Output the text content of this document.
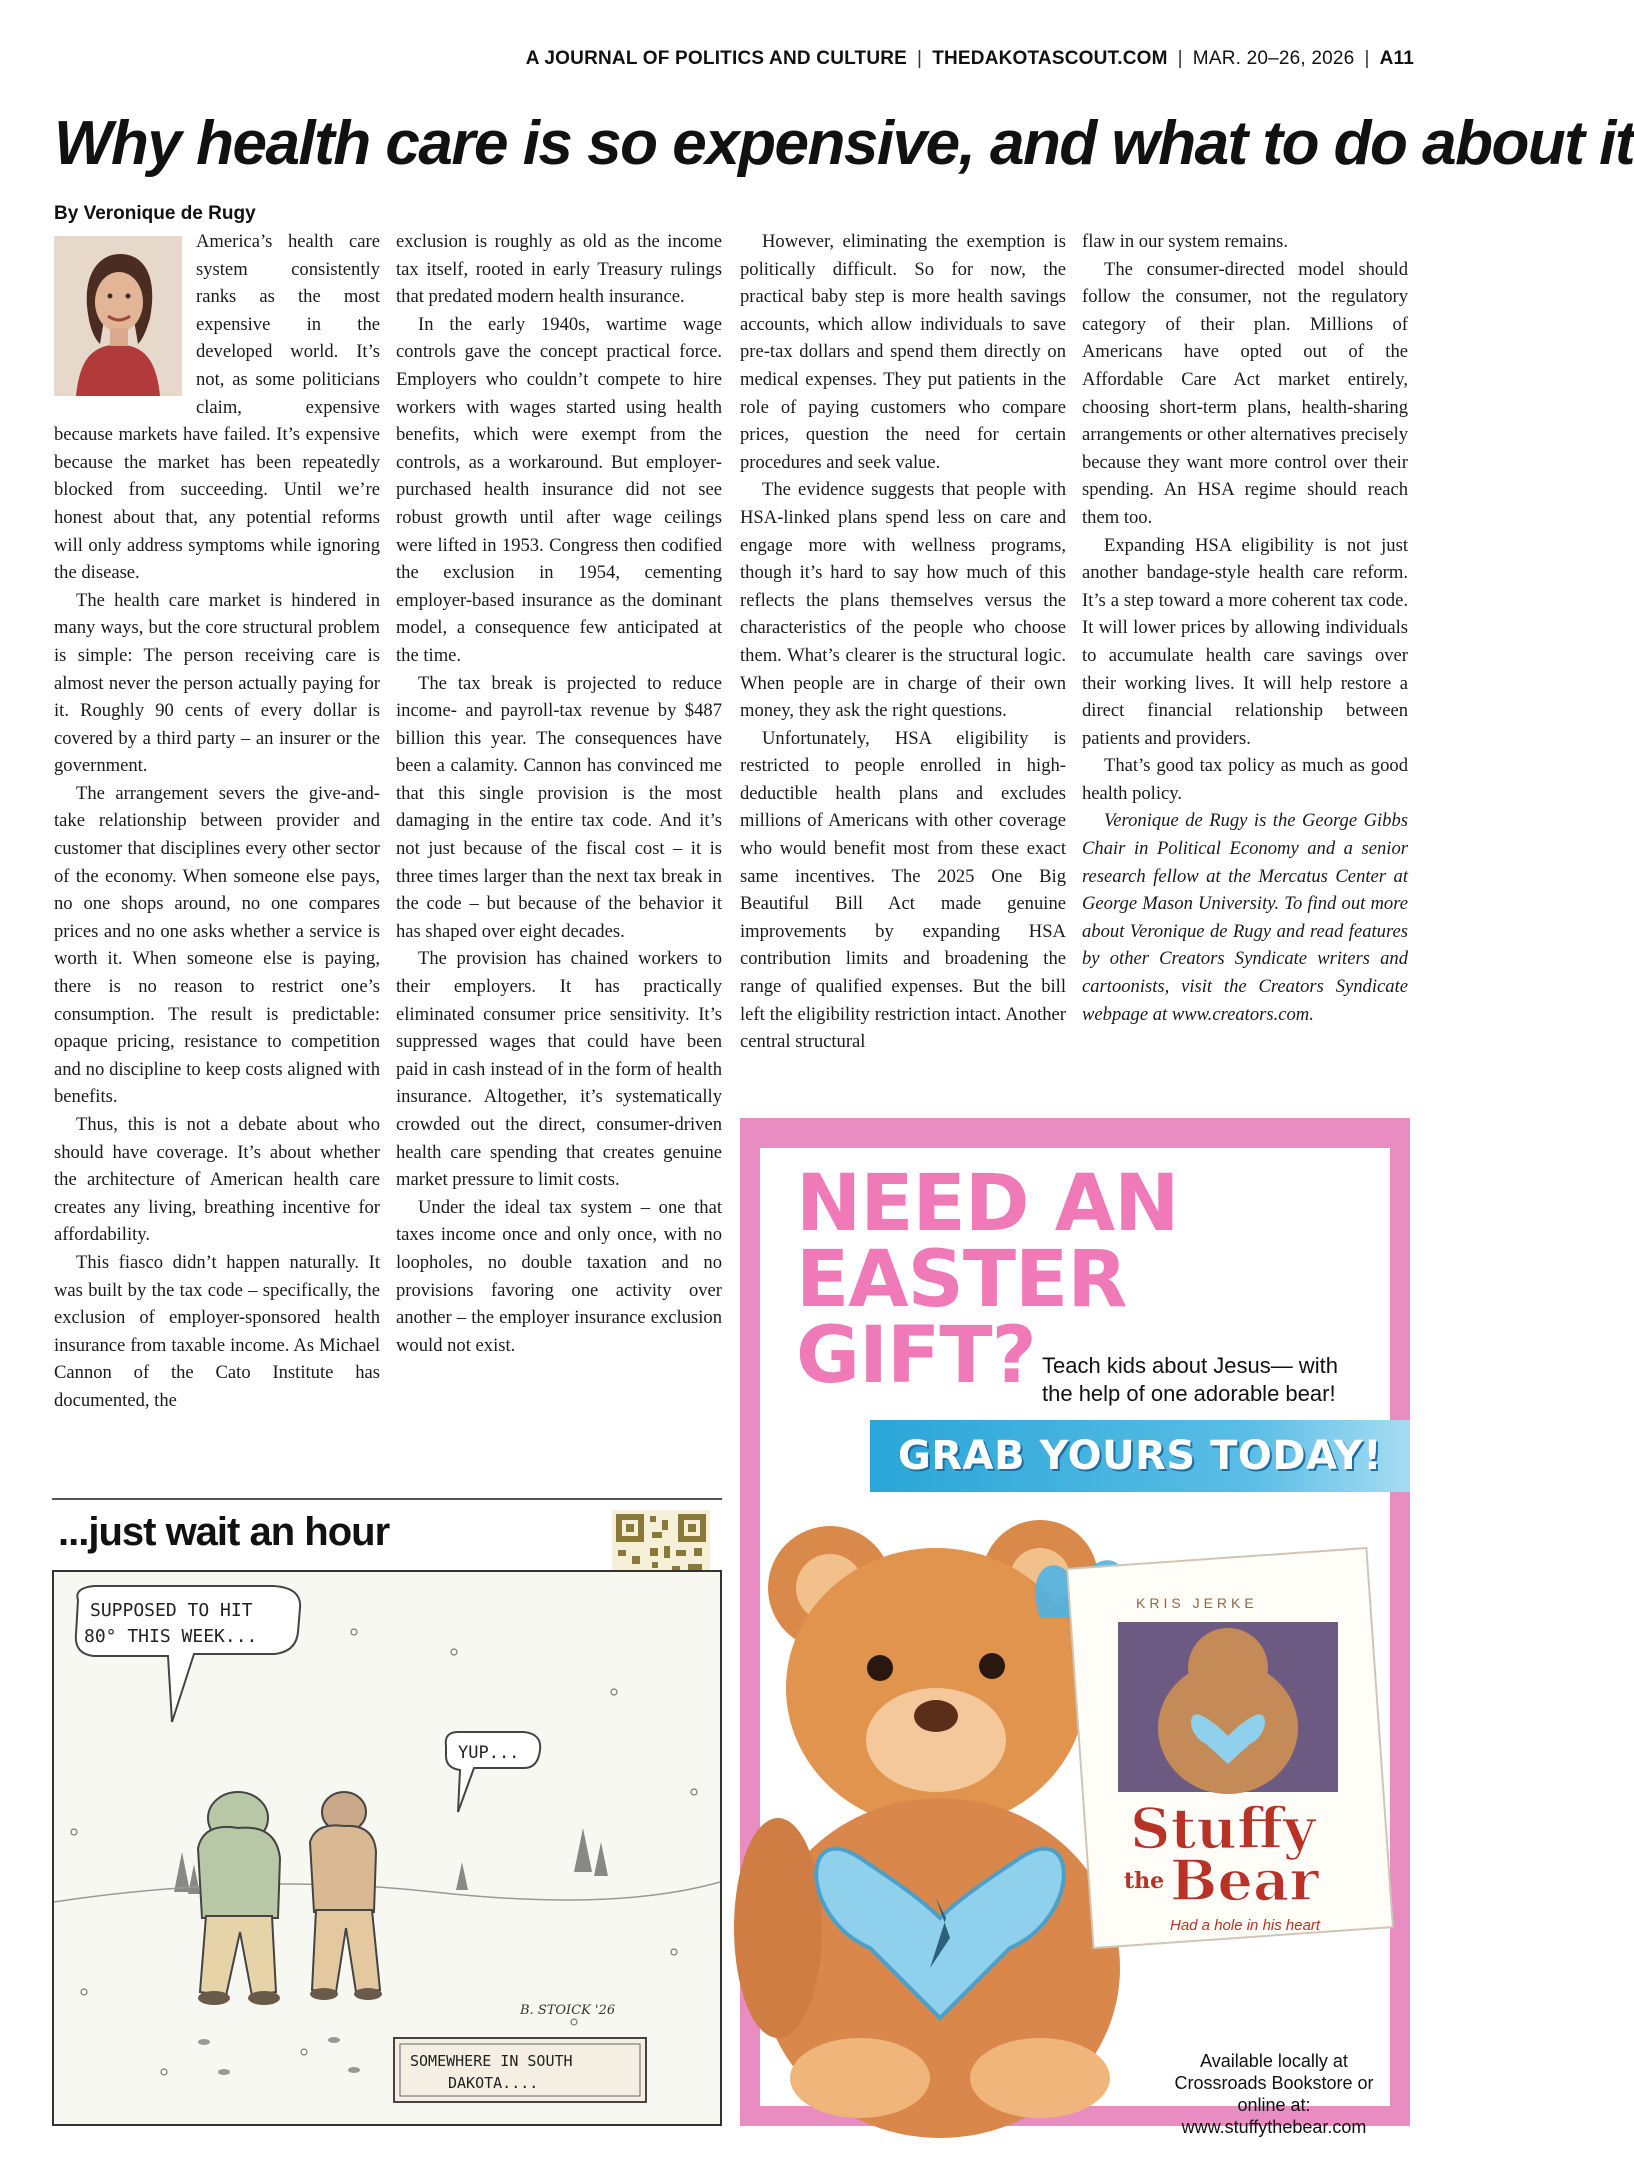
A JOURNAL OF POLITICS AND CULTURE | THEDAKOTASCOUT.COM | MAR. 20–26, 2026 | A11
Why health care is so expensive, and what to do about it
By Veronique de Rugy

America’s health care system consistently ranks as the most expensive in the developed world. It’s not, as some politicians claim, expensive because markets have failed. It’s expensive because the market has been repeatedly blocked from succeeding. Until we’re honest about that, any potential reforms will only address symptoms while ignoring the disease.

The health care market is hindered in many ways, but the core structural problem is simple: The person receiving care is almost never the person actually paying for it. Roughly 90 cents of every dollar is covered by a third party – an insurer or the government.

The arrangement severs the give-and-take relationship between provider and customer that disciplines every other sector of the economy. When someone else pays, no one shops around, no one compares prices and no one asks whether a service is worth it. When someone else is paying, there is no reason to restrict one’s consumption. The result is predictable: opaque pricing, resistance to competition and no discipline to keep costs aligned with benefits.

Thus, this is not a debate about who should have coverage. It’s about whether the architecture of American health care creates any living, breathing incentive for affordability.

This fiasco didn’t happen naturally. It was built by the tax code – specifically, the exclusion of employer-sponsored health insurance from taxable income. As Michael Cannon of the Cato Institute has documented, the

exclusion is roughly as old as the income tax itself, rooted in early Treasury rulings that predated modern health insurance.

In the early 1940s, wartime wage controls gave the concept practical force. Employers who couldn’t compete to hire workers with wages started using health benefits, which were exempt from the controls, as a workaround. But employer-purchased health insurance did not see robust growth until after wage ceilings were lifted in 1953. Congress then codified the exclusion in 1954, cementing employer-based insurance as the dominant model, a consequence few anticipated at the time.

The tax break is projected to reduce income- and payroll-tax revenue by $487 billion this year. The consequences have been a calamity. Cannon has convinced me that this single provision is the most damaging in the entire tax code. And it’s not just because of the fiscal cost – it is three times larger than the next tax break in the code – but because of the behavior it has shaped over eight decades.

The provision has chained workers to their employers. It has practically eliminated consumer price sensitivity. It’s suppressed wages that could have been paid in cash instead of in the form of health insurance. Altogether, it’s systematically crowded out the direct, consumer-driven health care spending that creates genuine market pressure to limit costs.

Under the ideal tax system – one that taxes income once and only once, with no loopholes, no double taxation and no provisions favoring one activity over another – the employer insurance exclusion would not exist.

However, eliminating the exemption is politically difficult. So for now, the practical baby step is more health savings accounts, which allow individuals to save pre-tax dollars and spend them directly on medical expenses. They put patients in the role of paying customers who compare prices, question the need for certain procedures and seek value.

The evidence suggests that people with HSA-linked plans spend less on care and engage more with wellness programs, though it’s hard to say how much of this reflects the plans themselves versus the characteristics of the people who choose them. What’s clearer is the structural logic. When people are in charge of their own money, they ask the right questions.

Unfortunately, HSA eligibility is restricted to people enrolled in high-deductible health plans and excludes millions of Americans with other coverage who would benefit most from these exact same incentives. The 2025 One Big Beautiful Bill Act made genuine improvements by expanding HSA contribution limits and broadening the range of qualified expenses. But the bill left the eligibility restriction intact. Another central structural

flaw in our system remains.

The consumer-directed model should follow the consumer, not the regulatory category of their plan. Millions of Americans have opted out of the Affordable Care Act market entirely, choosing short-term plans, health-sharing arrangements or other alternatives precisely because they want more control over their spending. An HSA regime should reach them too.

Expanding HSA eligibility is not just another bandage-style health care reform. It’s a step toward a more coherent tax code. It will lower prices by allowing individuals to accumulate health care savings over their working lives. It will help restore a direct financial relationship between patients and providers.

That’s good tax policy as much as good health policy.

Veronique de Rugy is the George Gibbs Chair in Political Economy and a senior research fellow at the Mercatus Center at George Mason University. To find out more about Veronique de Rugy and read features by other Creators Syndicate writers and cartoonists, visit the Creators Syndicate webpage at www.creators.com.

...just wait an hour
SUPPOSED TO HIT
80° THIS WEEK...
YUP...
B. STOICK '26
SOMEWHERE IN SOUTH
DAKOTA....
NEED AN
EASTER
GIFT? Teach kids about Jesus— with the help of one adorable bear!
GRAB YOURS TODAY!
KRIS JERKE
Stuffy
the Bear
Had a hole in his heart
Available locally at
Crossroads Bookstore or
online at:
www.stuffythebear.com
